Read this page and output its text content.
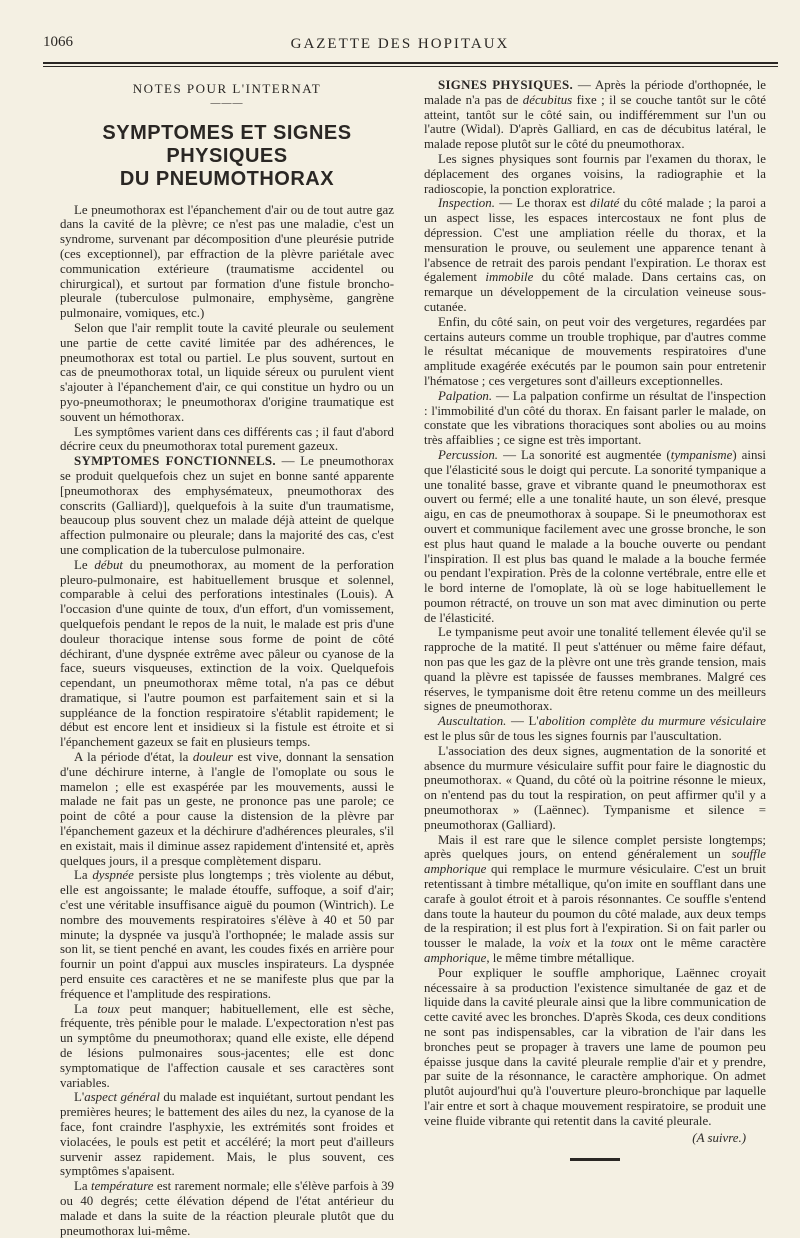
1066	GAZETTE DES HOPITAUX
NOTES POUR L'INTERNAT
———
SYMPTOMES ET SIGNES PHYSIQUES
DU PNEUMOTHORAX

Le pneumothorax est l'épanchement d'air ou de tout autre gaz dans la cavité de la plèvre; ce n'est pas une maladie, c'est un syndrome, survenant par décomposition d'une pleurésie putride (ces exceptionnel), par effraction de la plèvre pariétale avec communication extérieure (traumatisme accidentel ou chirurgical), et surtout par formation d'une fistule broncho-pleurale (tuberculose pulmonaire, emphysème, gangrène pulmonaire, vomiques, etc.)

Selon que l'air remplit toute la cavité pleurale ou seulement une partie de cette cavité limitée par des adhérences, le pneumothorax est total ou partiel. Le plus souvent, surtout en cas de pneumothorax total, un liquide séreux ou purulent vient s'ajouter à l'épanchement d'air, ce qui constitue un hydro ou un pyo-pneumothorax; le pneumothorax d'origine traumatique est souvent un hémothorax.

Les symptômes varient dans ces différents cas ; il faut d'abord décrire ceux du pneumothorax total purement gazeux.

SYMPTOMES FONCTIONNELS. — Le pneumothorax se produit quelquefois chez un sujet en bonne santé apparente [pneumothorax des emphysémateux, pneumothorax des conscrits (Galliard)], quelquefois à la suite d'un traumatisme, beaucoup plus souvent chez un malade déjà atteint de quelque affection pulmonaire ou pleurale; dans la majorité des cas, c'est une complication de la tuberculose pulmonaire.

Le début du pneumothorax, au moment de la perforation pleuro-pulmonaire, est habituellement brusque et solennel, comparable à celui des perforations intestinales (Louis). A l'occasion d'une quinte de toux, d'un effort, d'un vomissement, quelquefois pendant le repos de la nuit, le malade est pris d'une douleur thoracique intense sous forme de point de côté déchirant, d'une dyspnée extrême avec pâleur ou cyanose de la face, sueurs visqueuses, extinction de la voix. Quelquefois cependant, un pneumothorax même total, n'a pas ce début dramatique, si l'autre poumon est parfaitement sain et si la suppléance de la fonction respiratoire s'établit rapidement; le début est encore lent et insidieux si la fistule est étroite et si l'épanchement gazeux se fait en plusieurs temps.

A la période d'état, la douleur est vive, donnant la sensation d'une déchirure interne, à l'angle de l'omoplate ou sous le mamelon ; elle est exaspérée par les mouvements, aussi le malade ne fait pas un geste, ne prononce pas une parole; ce point de côté a pour cause la distension de la plèvre par l'épanchement gazeux et la déchirure d'adhérences pleurales, s'il en existait, mais il diminue assez rapidement d'intensité et, après quelques jours, il a presque complètement disparu.

La dyspnée persiste plus longtemps ; très violente au début, elle est angoissante; le malade étouffe, suffoque, a soif d'air; c'est une véritable insuffisance aiguë du poumon (Wintrich). Le nombre des mouvements respiratoires s'élève à 40 et 50 par minute; la dyspnée va jusqu'à l'orthopnée; le malade assis sur son lit, se tient penché en avant, les coudes fixés en arrière pour fournir un point d'appui aux muscles inspirateurs. La dyspnée perd ensuite ces caractères et ne se manifeste plus que par la fréquence et l'amplitude des respirations.

La toux peut manquer; habituellement, elle est sèche, fréquente, très pénible pour le malade. L'expectoration n'est pas un symptôme du pneumothorax; quand elle existe, elle dépend de lésions pulmonaires sous-jacentes; elle est donc symptomatique de l'affection causale et ses caractères sont variables.

L'aspect général du malade est inquiétant, surtout pendant les premières heures; le battement des ailes du nez, la cyanose de la face, font craindre l'asphyxie, les extrémités sont froides et violacées, le pouls est petit et accéléré; la mort peut d'ailleurs survenir assez rapidement. Mais, le plus souvent, ces symptômes s'apaisent.

La température est rarement normale; elle s'élève parfois à 39 ou 40 degrés; cette élévation dépend de l'état antérieur du malade et dans la suite de la réaction pleurale plutôt que du pneumothorax lui-même.

SIGNES PHYSIQUES. — Après la période d'orthopnée, le malade n'a pas de décubitus fixe ; il se couche tantôt sur le côté atteint, tantôt sur le côté sain, ou indifféremment sur l'un ou l'autre (Widal). D'après Galliard, en cas de décubitus latéral, le malade repose plutôt sur le côté du pneumothorax.

Les signes physiques sont fournis par l'examen du thorax, le déplacement des organes voisins, la radiographie et la radioscopie, la ponction exploratrice.

Inspection. — Le thorax est dilaté du côté malade ; la paroi a un aspect lisse, les espaces intercostaux ne font plus de dépression. C'est une ampliation réelle du thorax, et la mensuration le prouve, ou seulement une apparence tenant à l'absence de retrait des parois pendant l'expiration. Le thorax est également immobile du côté malade. Dans certains cas, on remarque un développement de la circulation veineuse sous-cutanée.

Enfin, du côté sain, on peut voir des vergetures, regardées par certains auteurs comme un trouble trophique, par d'autres comme le résultat mécanique de mouvements respiratoires d'une amplitude exagérée exécutés par le poumon sain pour entretenir l'hématose ; ces vergetures sont d'ailleurs exceptionnelles.

Palpation. — La palpation confirme un résultat de l'inspection : l'immobilité d'un côté du thorax. En faisant parler le malade, on constate que les vibrations thoraciques sont abolies ou au moins très affaiblies ; ce signe est très important.

Percussion. — La sonorité est augmentée (tympanisme) ainsi que l'élasticité sous le doigt qui percute. La sonorité tympanique a une tonalité basse, grave et vibrante quand le pneumothorax est ouvert ou fermé; elle a une tonalité haute, un son élevé, presque aigu, en cas de pneumothorax à soupape. Si le pneumothorax est ouvert et communique facilement avec une grosse bronche, le son est plus haut quand le malade a la bouche ouverte ou pendant l'inspiration. Il est plus bas quand le malade a la bouche fermée ou pendant l'expiration. Près de la colonne vertébrale, entre elle et le bord interne de l'omoplate, là où se loge habituellement le poumon rétracté, on trouve un son mat avec diminution ou perte de l'élasticité.

Le tympanisme peut avoir une tonalité tellement élevée qu'il se rapproche de la matité. Il peut s'atténuer ou même faire défaut, non pas que les gaz de la plèvre ont une très grande tension, mais quand la plèvre est tapissée de fausses membranes. Malgré ces réserves, le tympanisme doit être retenu comme un des meilleurs signes de pneumothorax.

Auscultation. — L'abolition complète du murmure vésiculaire est le plus sûr de tous les signes fournis par l'auscultation.

L'association des deux signes, augmentation de la sonorité et absence du murmure vésiculaire suffit pour faire le diagnostic du pneumothorax. « Quand, du côté où la poitrine résonne le mieux, on n'entend pas du tout la respiration, on peut affirmer qu'il y a pneumothorax » (Laënnec). Tympanisme et silence = pneumothorax (Galliard).

Mais il est rare que le silence complet persiste longtemps; après quelques jours, on entend généralement un souffle amphorique qui remplace le murmure vésiculaire. C'est un bruit retentissant à timbre métallique, qu'on imite en soufflant dans une carafe à goulot étroit et à parois résonnantes. Ce souffle s'entend dans toute la hauteur du poumon du côté malade, aux deux temps de la respiration; il est plus fort à l'expiration. Si on fait parler ou tousser le malade, la voix et la toux ont le même caractère amphorique, le même timbre métallique.

Pour expliquer le souffle amphorique, Laënnec croyait nécessaire à sa production l'existence simultanée de gaz et de liquide dans la cavité pleurale ainsi que la libre communication de cette cavité avec les bronches. D'après Skoda, ces deux conditions ne sont pas indispensables, car la vibration de l'air dans les bronches peut se propager à travers une lame de poumon peu épaisse jusque dans la cavité pleurale remplie d'air et y prendre, par suite de la résonnance, le caractère amphorique. On admet plutôt aujourd'hui qu'à l'ouverture pleuro-bronchique par laquelle l'air entre et sort à chaque mouvement respiratoire, se produit une veine fluide vibrante qui retentit dans la cavité pleurale.

(A suivre.)
